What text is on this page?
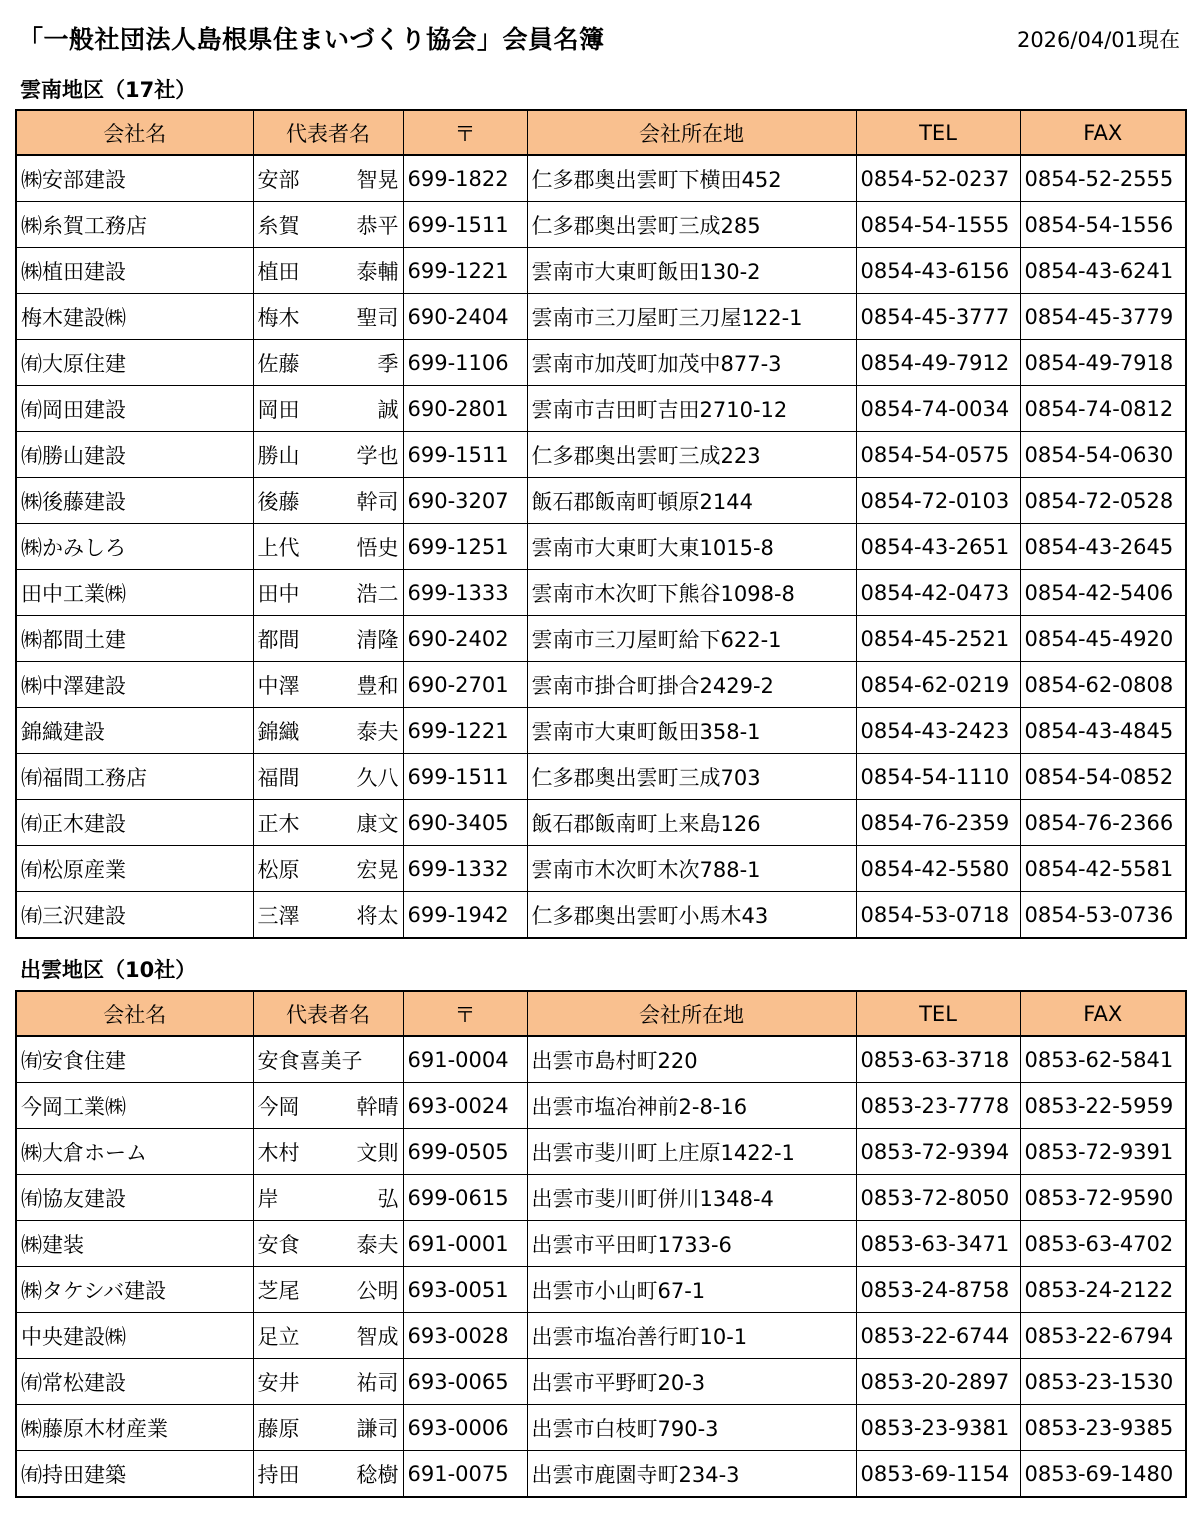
「一般社団法人島根県住まいづくり協会」会員名簿	2026/04/01現在
雲南地区（17社）
会社名	代表者名	〒	会社所在地	TEL	FAX
㈱安部建設	安部 智晃	699-1822	仁多郡奥出雲町下横田452	0854-52-0237	0854-52-2555
㈱糸賀工務店	糸賀 恭平	699-1511	仁多郡奥出雲町三成285	0854-54-1555	0854-54-1556
㈱植田建設	植田 泰輔	699-1221	雲南市大東町飯田130-2	0854-43-6156	0854-43-6241
梅木建設㈱	梅木 聖司	690-2404	雲南市三刀屋町三刀屋122-1	0854-45-3777	0854-45-3779
㈲大原住建	佐藤 季	699-1106	雲南市加茂町加茂中877-3	0854-49-7912	0854-49-7918
㈲岡田建設	岡田 誠	690-2801	雲南市吉田町吉田2710-12	0854-74-0034	0854-74-0812
㈲勝山建設	勝山 学也	699-1511	仁多郡奥出雲町三成223	0854-54-0575	0854-54-0630
㈱後藤建設	後藤 幹司	690-3207	飯石郡飯南町頓原2144	0854-72-0103	0854-72-0528
㈱かみしろ	上代 悟史	699-1251	雲南市大東町大東1015-8	0854-43-2651	0854-43-2645
田中工業㈱	田中 浩二	699-1333	雲南市木次町下熊谷1098-8	0854-42-0473	0854-42-5406
㈱都間土建	都間 清隆	690-2402	雲南市三刀屋町給下622-1	0854-45-2521	0854-45-4920
㈱中澤建設	中澤 豊和	690-2701	雲南市掛合町掛合2429-2	0854-62-0219	0854-62-0808
錦織建設	錦織 泰夫	699-1221	雲南市大東町飯田358-1	0854-43-2423	0854-43-4845
㈲福間工務店	福間 久八	699-1511	仁多郡奥出雲町三成703	0854-54-1110	0854-54-0852
㈲正木建設	正木 康文	690-3405	飯石郡飯南町上来島126	0854-76-2359	0854-76-2366
㈲松原産業	松原 宏晃	699-1332	雲南市木次町木次788-1	0854-42-5580	0854-42-5581
㈲三沢建設	三澤 将太	699-1942	仁多郡奥出雲町小馬木43	0854-53-0718	0854-53-0736
出雲地区（10社）
会社名	代表者名	〒	会社所在地	TEL	FAX
㈲安食住建	安食喜美子	691-0004	出雲市島村町220	0853-63-3718	0853-62-5841
今岡工業㈱	今岡 幹晴	693-0024	出雲市塩冶神前2-8-16	0853-23-7778	0853-22-5959
㈱大倉ホーム	木村 文則	699-0505	出雲市斐川町上庄原1422-1	0853-72-9394	0853-72-9391
㈲協友建設	岸 弘	699-0615	出雲市斐川町併川1348-4	0853-72-8050	0853-72-9590
㈱建装	安食 泰夫	691-0001	出雲市平田町1733-6	0853-63-3471	0853-63-4702
㈱タケシバ建設	芝尾 公明	693-0051	出雲市小山町67-1	0853-24-8758	0853-24-2122
中央建設㈱	足立 智成	693-0028	出雲市塩冶善行町10-1	0853-22-6744	0853-22-6794
㈲常松建設	安井 祐司	693-0065	出雲市平野町20-3	0853-20-2897	0853-23-1530
㈱藤原木材産業	藤原 謙司	693-0006	出雲市白枝町790-3	0853-23-9381	0853-23-9385
㈲持田建築	持田 稔樹	691-0075	出雲市鹿園寺町234-3	0853-69-1154	0853-69-1480
